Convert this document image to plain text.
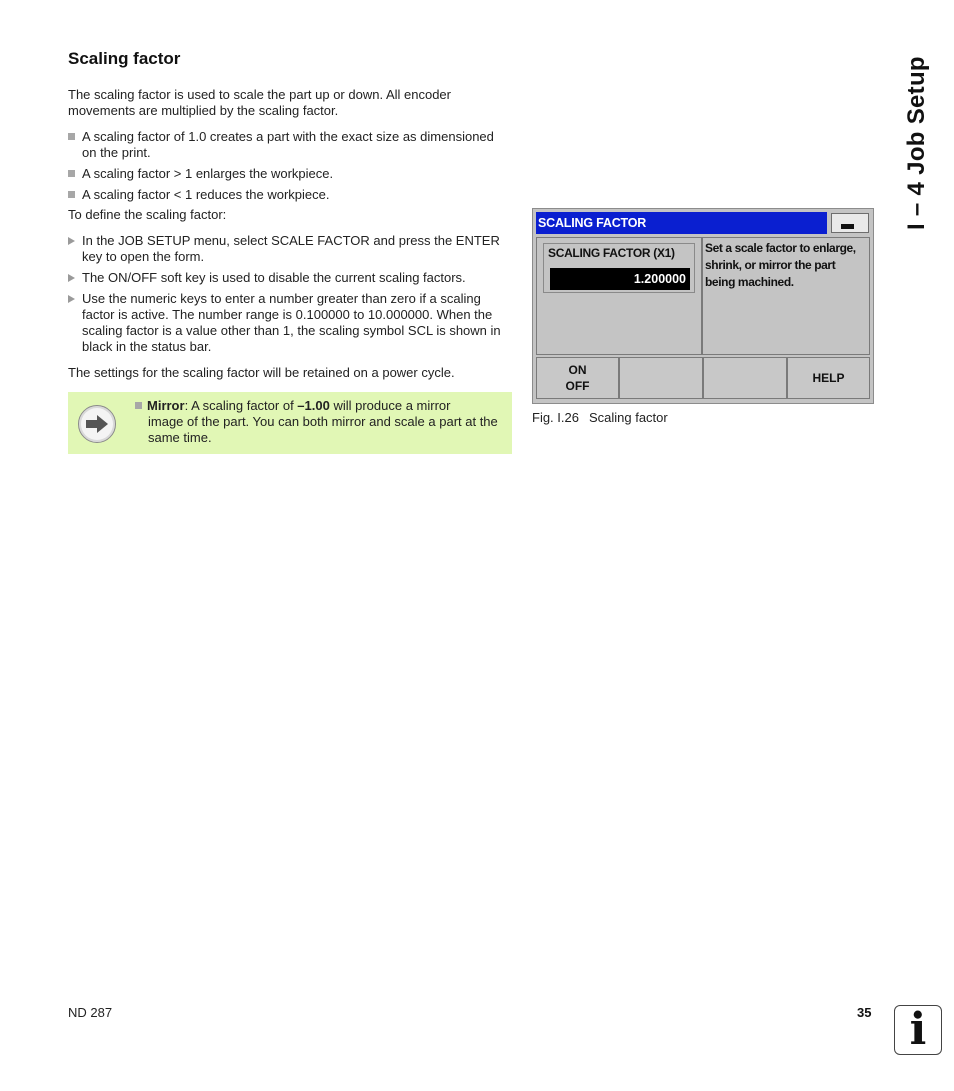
Scaling factor
The scaling factor is used to scale the part up or down. All encoder movements are multiplied by the scaling factor.
A scaling factor of 1.0 creates a part with the exact size as dimensioned on the print.
A scaling factor > 1 enlarges the workpiece.
A scaling factor < 1 reduces the workpiece.
To define the scaling factor:
In the JOB SETUP menu, select SCALE FACTOR and press the ENTER key to open the form.
The ON/OFF soft key is used to disable the current scaling factors.
Use the numeric keys to enter a number greater than zero if a scaling factor is active. The number range is 0.100000 to 10.000000. When the scaling factor is a value other than 1, the scaling symbol SCL is shown in black in the status bar.
The settings for the scaling factor will be retained on a power cycle.
Mirror: A scaling factor of –1.00 will produce a mirror
image of the part. You can both mirror and scale a part at the same time.
SCALING FACTOR
SCALING FACTOR (X1)
1.200000
Set a scale factor to enlarge, shrink, or mirror the part being machined.
ON
OFF
HELP
Fig. I.26 Scaling factor
I – 4 Job Setup
ND 287	35 i
